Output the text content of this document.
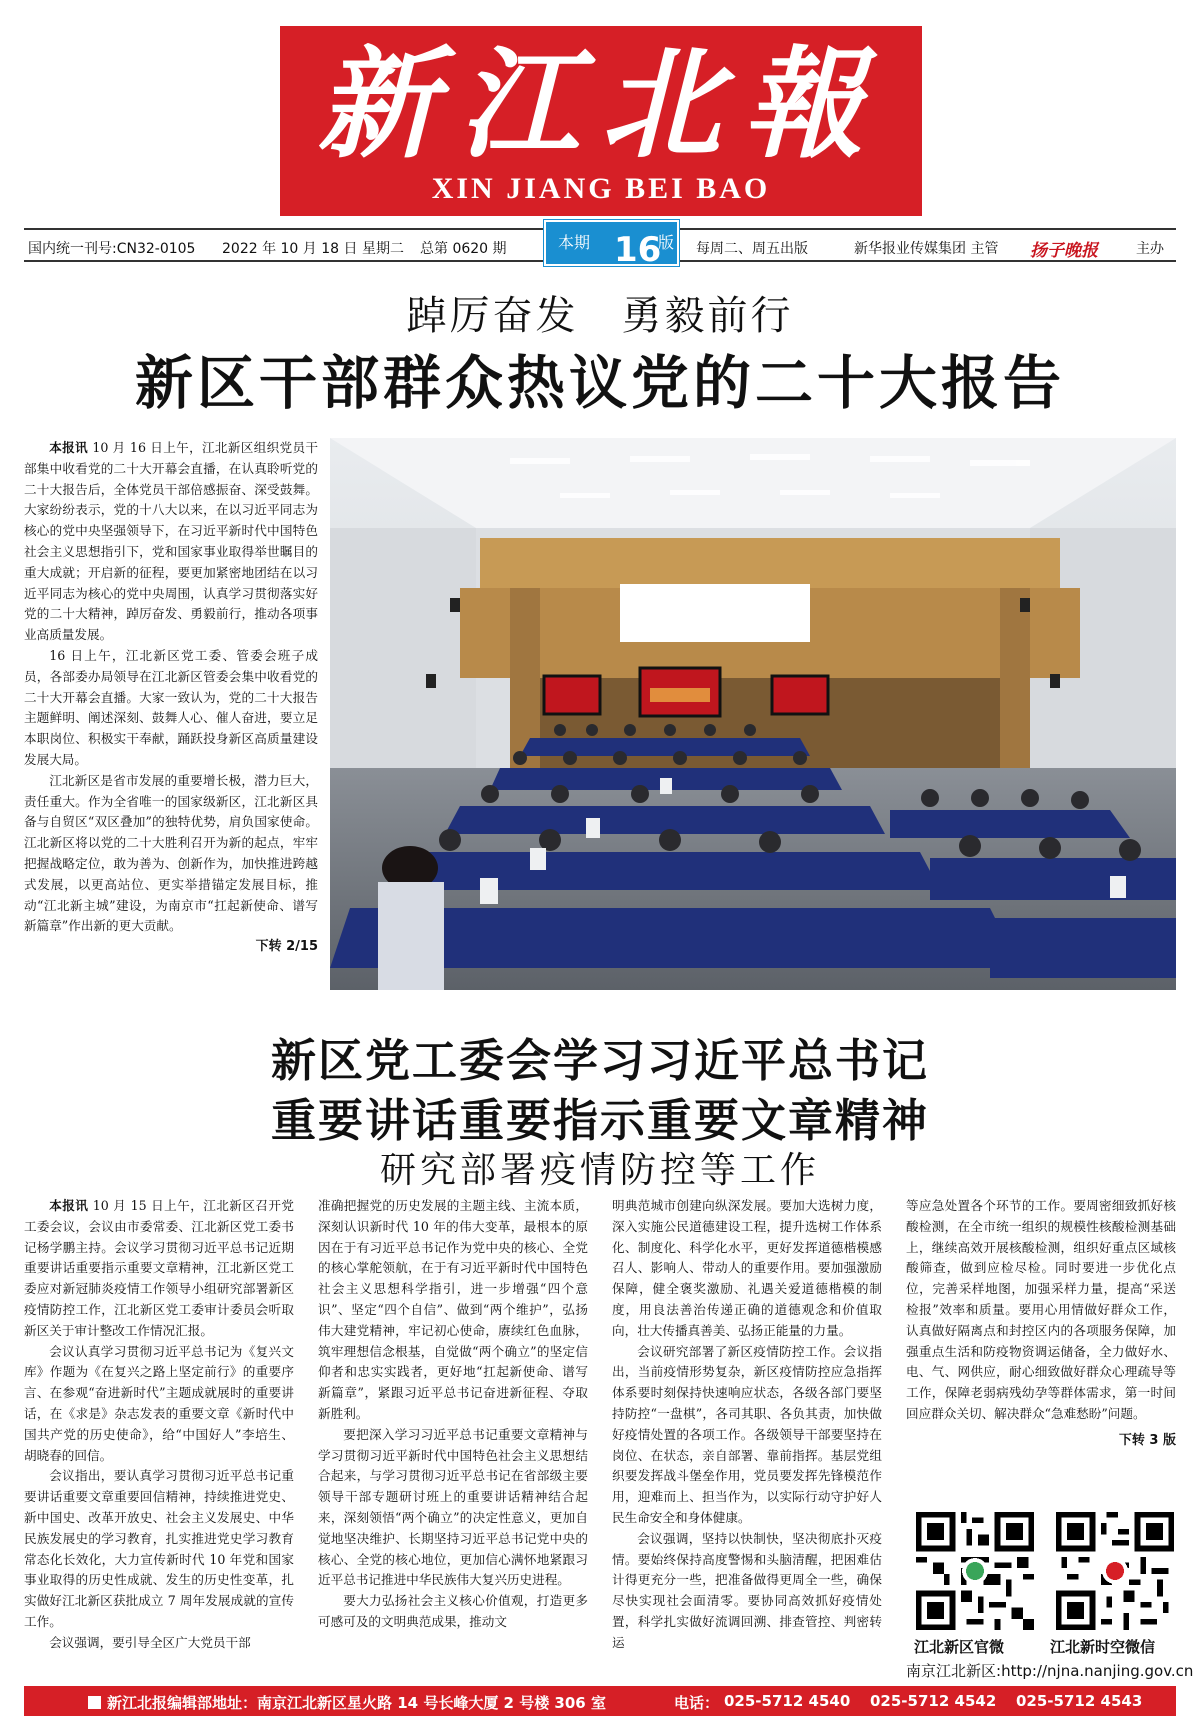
新江北報
XIN JIANG BEI BAO
国内统一刊号:CN32-0105 2022 年 10 月 18 日 星期二 总第 0620 期	本期 16
版 每周二、周五出版	新华报业传媒集团 主管 扬子晚报	主办
踔厉奋发　勇毅前行
新区干部群众热议党的二十大报告

本报讯 10 月 16 日上午，江北新区组织党员干部集中收看党的二十大开幕会直播，在认真聆听党的二十大报告后，全体党员干部倍感振奋、深受鼓舞。大家纷纷表示，党的十八大以来，在以习近平同志为核心的党中央坚强领导下，在习近平新时代中国特色社会主义思想指引下，党和国家事业取得举世瞩目的重大成就；开启新的征程，要更加紧密地团结在以习近平同志为核心的党中央周围，认真学习贯彻落实好党的二十大精神，踔厉奋发、勇毅前行，推动各项事业高质量发展。

16 日上午，江北新区党工委、管委会班子成员，各部委办局领导在江北新区管委会集中收看党的二十大开幕会直播。大家一致认为，党的二十大报告主题鲜明、阐述深刻、鼓舞人心、催人奋进，要立足本职岗位、积极实干奉献，踊跃投身新区高质量建设发展大局。

江北新区是省市发展的重要增长极，潜力巨大，责任重大。作为全省唯一的国家级新区，江北新区具备与自贸区“双区叠加”的独特优势，肩负国家使命。江北新区将以党的二十大胜利召开为新的起点，牢牢把握战略定位，敢为善为、创新作为，加快推进跨越式发展，以更高站位、更实举措锚定发展目标，推动“江北新主城”建设，为南京市“扛起新使命、谱写新篇章”作出新的更大贡献。

下转 2/15
新区党工委会学习习近平总书记
重要讲话重要指示重要文章精神
研究部署疫情防控等工作

本报讯 10 月 15 日上午，江北新区召开党工委会议，会议由市委常委、江北新区党工委书记杨学鹏主持。会议学习贯彻习近平总书记近期重要讲话重要指示重要文章精神，江北新区党工委应对新冠肺炎疫情工作领导小组研究部署新区疫情防控工作，江北新区党工委审计委员会听取新区关于审计整改工作情况汇报。

会议认真学习贯彻习近平总书记为《复兴文库》作题为《在复兴之路上坚定前行》的重要序言、在参观“奋进新时代”主题成就展时的重要讲话，在《求是》杂志发表的重要文章《新时代中国共产党的历史使命》，给“中国好人”李培生、胡晓春的回信。

会议指出，要认真学习贯彻习近平总书记重要讲话重要文章重要回信精神，持续推进党史、新中国史、改革开放史、社会主义发展史、中华民族发展史的学习教育，扎实推进党史学习教育常态化长效化，大力宣传新时代 10 年党和国家事业取得的历史性成就、发生的历史性变革，扎实做好江北新区获批成立 7 周年发展成就的宣传工作。

会议强调，要引导全区广大党员干部

准确把握党的历史发展的主题主线、主流本质，深刻认识新时代 10 年的伟大变革，最根本的原因在于有习近平总书记作为党中央的核心、全党的核心掌舵领航，在于有习近平新时代中国特色社会主义思想科学指引，进一步增强“四个意识”、坚定“四个自信”、做到“两个维护”，弘扬伟大建党精神，牢记初心使命，赓续红色血脉，筑牢理想信念根基，自觉做“两个确立”的坚定信仰者和忠实实践者，更好地“扛起新使命、谱写新篇章”，紧跟习近平总书记奋进新征程、夺取新胜利。

要把深入学习习近平总书记重要文章精神与学习贯彻习近平新时代中国特色社会主义思想结合起来，与学习贯彻习近平总书记在省部级主要领导干部专题研讨班上的重要讲话精神结合起来，深刻领悟“两个确立”的决定性意义，更加自觉地坚决维护、长期坚持习近平总书记党中央的核心、全党的核心地位，更加信心满怀地紧跟习近平总书记推进中华民族伟大复兴历史进程。

要大力弘扬社会主义核心价值观，打造更多可感可及的文明典范成果，推动文

明典范城市创建向纵深发展。要加大选树力度，深入实施公民道德建设工程，提升选树工作体系化、制度化、科学化水平，更好发挥道德楷模感召人、影响人、带动人的重要作用。要加强激励保障，健全褒奖激励、礼遇关爱道德楷模的制度，用良法善治传递正确的道德观念和价值取向，壮大传播真善美、弘扬正能量的力量。

会议研究部署了新区疫情防控工作。会议指出，当前疫情形势复杂，新区疫情防控应急指挥体系要时刻保持快速响应状态，各级各部门要坚持防控“一盘棋”，各司其职、各负其责，加快做好疫情处置的各项工作。各级领导干部要坚持在岗位、在状态，亲自部署、靠前指挥。基层党组织要发挥战斗堡垒作用，党员要发挥先锋模范作用，迎难而上、担当作为，以实际行动守护好人民生命安全和身体健康。

会议强调，坚持以快制快，坚决彻底扑灭疫情。要始终保持高度警惕和头脑清醒，把困难估计得更充分一些，把准备做得更周全一些，确保尽快实现社会面清零。要协同高效抓好疫情处置，科学扎实做好流调回溯、排查管控、判密转运

等应急处置各个环节的工作。要周密细致抓好核酸检测，在全市统一组织的规模性核酸检测基础上，继续高效开展核酸检测，组织好重点区域核酸筛查，做到应检尽检。同时要进一步优化点位，完善采样地图，加强采样力量，提高“采送检报”效率和质量。要用心用情做好群众工作，认真做好隔离点和封控区内的各项服务保障，加强重点生活和防疫物资调运储备，全力做好水、电、气、网供应，耐心细致做好群众心理疏导等工作，保障老弱病残幼孕等群体需求，第一时间回应群众关切、解决群众“急难愁盼”问题。

下转 3 版
江北新区官微	江北新时空微信
南京江北新区:http://njna.nanjing.gov.cn
新江北报编辑部地址：南京江北新区星火路 14 号长峰大厦 2 号楼 306 室	电话： 025-5712 4540 025-5712 4542 025-5712 4543
